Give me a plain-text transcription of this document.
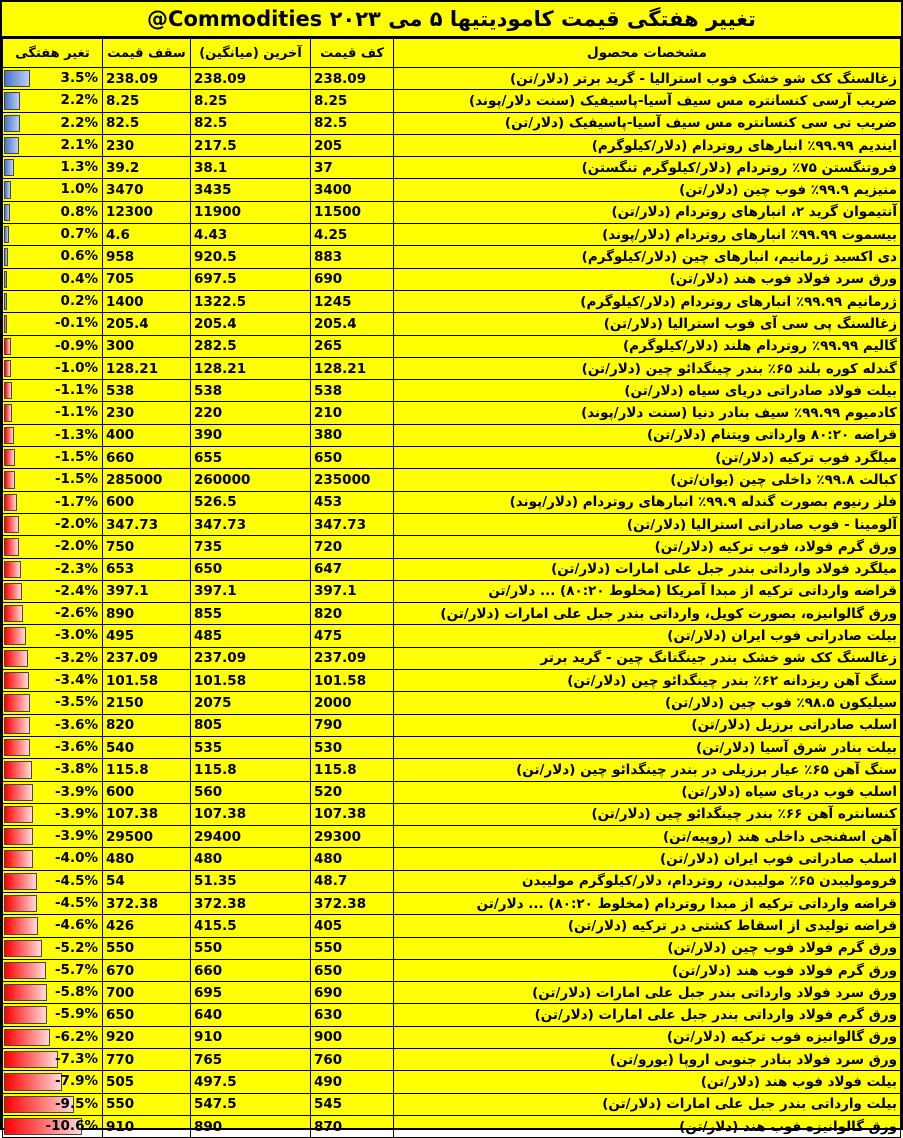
تغییر هفتگی قیمت کامودیتیها ۵ می ۲۰۲۳ Commodities@
تغیر هفتگی	سقف قیمت	آخرین (میانگین)	کف قیمت	مشخصات محصول

3.5%	238.09	238.09	238.09	زغالسنگ کک شو خشک فوب استرالیا - گرید برتر (دلار/تن)

2.2%	8.25	8.25	8.25	ضریب آرسی کنسانتره مس سیف آسیا-پاسیفیک (سنت دلار/پوند)

2.2%	82.5	82.5	82.5	ضریب تی سی کنسانتره مس سیف آسیا-پاسیفیک (دلار/تن)

2.1%	230	217.5	205	ایندیم ۹۹.۹۹٪ انبارهای روتردام (دلار/کیلوگرم)

1.3%	39.2	38.1	37	فروتنگستن ۷۵٪ روتردام (دلار/کیلوگرم تنگستن)

1.0%	3470	3435	3400	منیزیم ۹۹.۹٪ فوب چین (دلار/تن)

0.8%	12300	11900	11500	آنتیموان گرید ۲، انبارهای روتردام (دلار/تن)

0.7%	4.6	4.43	4.25	بیسموت ۹۹.۹۹٪ انبارهای روتردام (دلار/پوند)

0.6%	958	920.5	883	دی اکسید ژرمانیم، انبارهای چین (دلار/کیلوگرم)

0.4%	705	697.5	690	ورق سرد فولاد فوب هند (دلار/تن)

0.2%	1400	1322.5	1245	ژرمانیم ۹۹.۹۹٪ انبارهای روتردام (دلار/کیلوگرم)

-0.1%	205.4	205.4	205.4	زغالسنگ پی سی آی فوب استرالیا (دلار/تن)

-0.9%	300	282.5	265	گالیم ۹۹.۹۹٪ روتردام هلند (دلار/کیلوگرم)

-1.0%	128.21	128.21	128.21	گندله کوره بلند ۶۵٪ بندر چینگدائو چین (دلار/تن)

-1.1%	538	538	538	بیلت فولاد صادراتی دریای سیاه (دلار/تن)

-1.1%	230	220	210	کادمیوم ۹۹.۹۹٪ سیف بنادر دنیا (سنت دلار/پوند)

-1.3%	400	390	380	قراضه ۸۰:۲۰ وارداتی ویتنام (دلار/تن)

-1.5%	660	655	650	میلگرد فوب ترکیه (دلار/تن)

-1.5%	285000	260000	235000	کبالت ۹۹.۸٪ داخلی چین (یوان/تن)

-1.7%	600	526.5	453	فلز رنیوم بصورت گندله ۹۹.۹٪ انبارهای روتردام (دلار/پوند)

-2.0%	347.73	347.73	347.73	آلومینا - فوب صادراتی استرالیا (دلار/تن)

-2.0%	750	735	720	ورق گرم فولاد، فوب ترکیه (دلار/تن)

-2.3%	653	650	647	میلگرد فولاد وارداتی بندر جبل علی امارات (دلار/تن)

-2.4%	397.1	397.1	397.1	قراضه وارداتی ترکیه از مبدا آمریکا (مخلوط ۸۰:۲۰) ... دلار/تن

-2.6%	890	855	820	ورق گالوانیزه، بصورت کویل، وارداتی بندر جبل علی امارات (دلار/تن)

-3.0%	495	485	475	بیلت صادراتی فوب ایران (دلار/تن)

-3.2%	237.09	237.09	237.09	زغالسنگ کک شو خشک بندر جینگتانگ چین - گرید برتر

-3.4%	101.58	101.58	101.58	سنگ آهن ریزدانه ۶۲٪ بندر چینگدائو چین (دلار/تن)

-3.5%	2150	2075	2000	سیلیکون ۹۸.۵٪ فوب چین (دلار/تن)

-3.6%	820	805	790	اسلب صادراتی برزیل (دلار/تن)

-3.6%	540	535	530	بیلت بنادر شرق آسیا (دلار/تن)

-3.8%	115.8	115.8	115.8	سنگ آهن ۶۵٪ عیار برزیلی در بندر چینگدائو چین (دلار/تن)

-3.9%	600	560	520	اسلب فوب دریای سیاه (دلار/تن)

-3.9%	107.38	107.38	107.38	کنسانتره آهن ۶۶٪ بندر چینگدائو چین (دلار/تن)

-3.9%	29500	29400	29300	آهن اسفنجی داخلی هند (روپیه/تن)

-4.0%	480	480	480	اسلب صادراتی فوب ایران (دلار/تن)

-4.5%	54	51.35	48.7	فرومولیبدن ۶۵٪ مولیبدن، روتردام، دلار/کیلوگرم مولیبدن

-4.5%	372.38	372.38	372.38	قراضه وارداتی ترکیه از مبدا روتردام (مخلوط ۸۰:۲۰) ... دلار/تن

-4.6%	426	415.5	405	قراضه تولیدی از اسقاط کشتی در ترکیه (دلار/تن)

-5.2%	550	550	550	ورق گرم فولاد فوب چین (دلار/تن)

-5.7%	670	660	650	ورق گرم فولاد فوب هند (دلار/تن)

-5.8%	700	695	690	ورق سرد فولاد وارداتی بندر جبل علی امارات (دلار/تن)

-5.9%	650	640	630	ورق گرم فولاد وارداتی بندر جبل علی امارات (دلار/تن)

-6.2%	920	910	900	ورق گالوانیزه فوب ترکیه (دلار/تن)

-7.3%	770	765	760	ورق سرد فولاد بنادر جنوبی اروپا (یورو/تن)

-7.9%	505	497.5	490	بیلت فولاد فوب هند (دلار/تن)

-9.5%	550	547.5	545	بیلت وارداتی بندر جبل علی امارات (دلار/تن)

-10.6%	910	890	870	ورق گالوانیزه فوب هند (دلار/تن)
